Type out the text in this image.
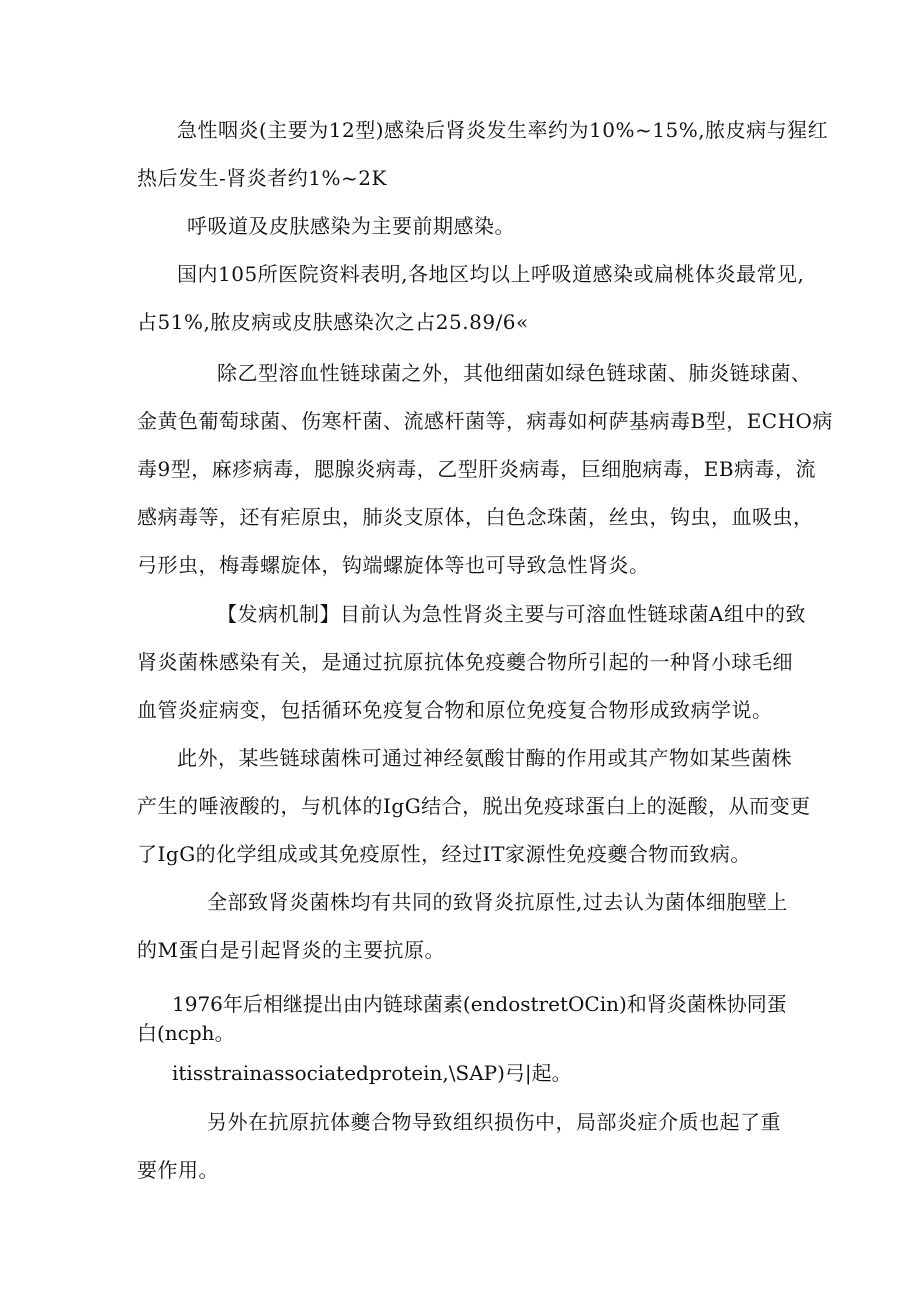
急性咽炎(主要为12型)感染后肾炎发生率约为10%~15%,脓皮病与猩红
热后发生-肾炎者约1%~2K
呼吸道及皮肤感染为主要前期感染。
国内105所医院资料表明,各地区均以上呼吸道感染或扁桃体炎最常见,
占51%,脓皮病或皮肤感染次之占25.89/6«
除乙型溶血性链球菌之外，其他细菌如绿色链球菌、肺炎链球菌、
金黄色葡萄球菌、伤寒杆菌、流感杆菌等，病毒如柯萨基病毒B型，ECHO病
毒9型，麻疹病毒，腮腺炎病毒，乙型肝炎病毒，巨细胞病毒，EB病毒，流
感病毒等，还有疟原虫，肺炎支原体，白色念珠菌，丝虫，钩虫，血吸虫，
弓形虫，梅毒螺旋体，钩端螺旋体等也可导致急性肾炎。
【发病机制】目前认为急性肾炎主要与可溶血性链球菌A组中的致
肾炎菌株感染有关，是通过抗原抗体免疫夔合物所引起的一种肾小球毛细
血管炎症病变，包括循环免疫复合物和原位免疫复合物形成致病学说。
此外，某些链球菌株可通过神经氨酸甘酶的作用或其产物如某些菌株
产生的唾液酸的，与机体的IgG结合，脱出免疫球蛋白上的涎酸，从而变更
了IgG的化学组成或其免疫原性，经过IT家源性免疫夔合物而致病。
全部致肾炎菌株均有共同的致肾炎抗原性,过去认为菌体细胞壁上
的M蛋白是引起肾炎的主要抗原。
1976年后相继提出由内链球菌素(endostretOCin)和肾炎菌株协同蛋
白(ncph。
itisstrainassociatedprotein,\SAP)弓|起。
另外在抗原抗体夔合物导致组织损伤中，局部炎症介质也起了重
要作用。
